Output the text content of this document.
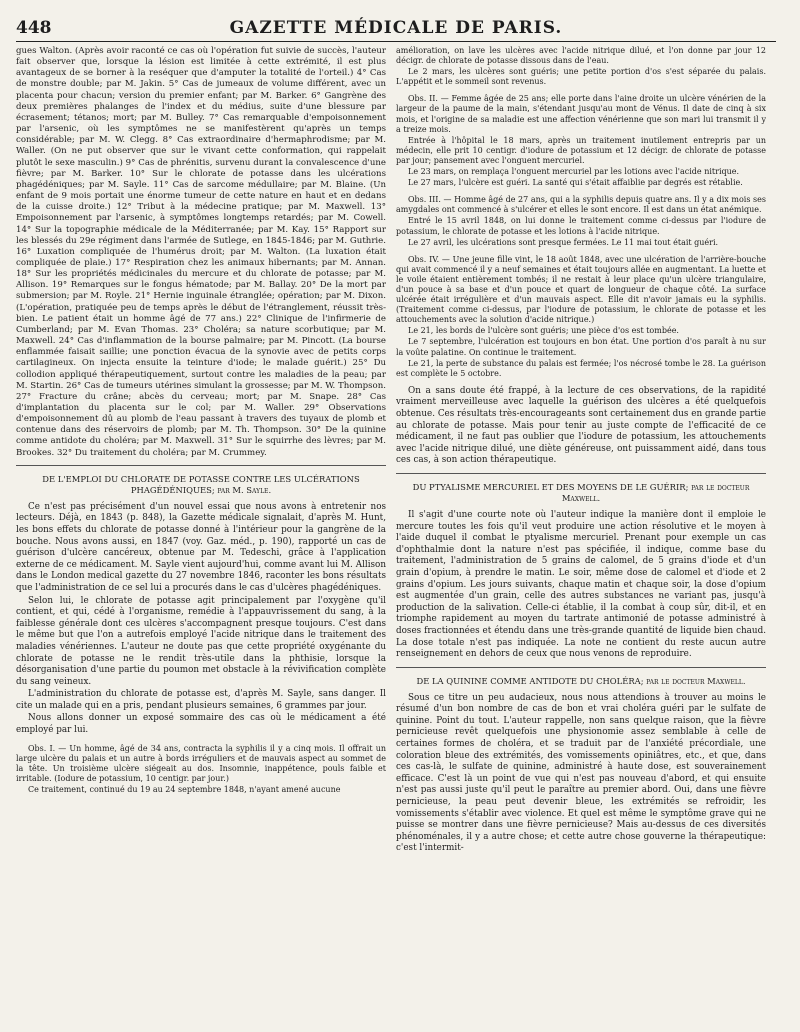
448	GAZETTE MÉDICALE DE PARIS.

gues Walton. (Après avoir raconté ce cas où l'opération fut suivie de succès, l'auteur fait observer que, lorsque la lésion est limitée à cette extrémité, il est plus avantageux de se borner à la reséquer que d'amputer la totalité de l'orteil.) 4° Cas de monstre double; par M. Jakin. 5° Cas de jumeaux de volume différent, avec un placenta pour chacun; version du premier enfant; par M. Barker. 6° Gangrène des deux premières phalanges de l'index et du médius, suite d'une blessure par écrasement; tétanos; mort; par M. Bulley. 7° Cas remarquable d'empoisonnement par l'arsenic, où les symptômes ne se manifestèrent qu'après un temps considérable; par M. W. Clegg. 8° Cas extraordinaire d'hermaphrodisme; par M. Waller. (On ne put observer que sur le vivant cette conformation, qui rappelait plutôt le sexe masculin.) 9° Cas de phrénitis, survenu durant la convalescence d'une fièvre; par M. Barker. 10° Sur le chlorate de potasse dans les ulcérations phagédéniques; par M. Sayle. 11° Cas de sarcome médullaire; par M. Blaine. (Un enfant de 9 mois portait une énorme tumeur de cette nature en haut et en dedans de la cuisse droite.) 12° Tribut à la médecine pratique; par M. Maxwell. 13° Empoisonnement par l'arsenic, à symptômes longtemps retardés; par M. Cowell. 14° Sur la topographie médicale de la Méditerranée; par M. Kay. 15° Rapport sur les blessés du 29e régiment dans l'armée de Sutlege, en 1845-1846; par M. Guthrie. 16° Luxation compliquée de l'humérus droit; par M. Walton. (La luxation était compliquée de plaie.) 17° Respiration chez les animaux hibernants; par M. Annan. 18° Sur les propriétés médicinales du mercure et du chlorate de potasse; par M. Allison. 19° Remarques sur le fongus hématode; par M. Ballay. 20° De la mort par submersion; par M. Royle. 21° Hernie inguinale étranglée; opération; par M. Dixon. (L'opération, pratiquée peu de temps après le début de l'étranglement, réussit très-bien. Le patient était un homme âgé de 77 ans.) 22° Clinique de l'infirmerie de Cumberland; par M. Evan Thomas. 23° Choléra; sa nature scorbutique; par M. Maxwell. 24° Cas d'inflammation de la bourse palmaire; par M. Pincott. (La bourse enflammée faisait saillie; une ponction évacua de la synovie avec de petits corps cartilagineux. On injecta ensuite la teinture d'iode; le malade guérit.) 25° Du collodion appliqué thérapeutiquement, surtout contre les maladies de la peau; par M. Startin. 26° Cas de tumeurs utérines simulant la grossesse; par M. W. Thompson. 27° Fracture du crâne; abcès du cerveau; mort; par M. Snape. 28° Cas d'implantation du placenta sur le col; par M. Waller. 29° Observations d'empoisonnement dû au plomb de l'eau passant à travers des tuyaux de plomb et contenue dans des réservoirs de plomb; par M. Th. Thompson. 30° De la quinine comme antidote du choléra; par M. Maxwell. 31° Sur le squirrhe des lèvres; par M. Brookes. 32° Du traitement du choléra; par M. Crummey.

DE L'EMPLOI DU CHLORATE DE POTASSE CONTRE LES ULCÉRATIONS PHAGÉDÉNIQUES; par M. Sayle.

Ce n'est pas précisément d'un nouvel essai que nous avons à entretenir nos lecteurs. Déjà, en 1843 (p. 848), la Gazette médicale signalait, d'après M. Hunt, les bons effets du chlorate de potasse donné à l'intérieur pour la gangrène de la bouche. Nous avons aussi, en 1847 (voy. Gaz. méd., p. 190), rapporté un cas de guérison d'ulcère cancéreux, obtenue par M. Tedeschi, grâce à l'application externe de ce médicament. M. Sayle vient aujourd'hui, comme avant lui M. Allison dans le London medical gazette du 27 novembre 1846, raconter les bons résultats que l'administration de ce sel lui a procurés dans le cas d'ulcères phagédéniques.

Selon lui, le chlorate de potasse agit principalement par l'oxygène qu'il contient, et qui, cédé à l'organisme, remédie à l'appauvrissement du sang, à la faiblesse générale dont ces ulcères s'accompagnent presque toujours. C'est dans le même but que l'on a autrefois employé l'acide nitrique dans le traitement des maladies vénériennes. L'auteur ne doute pas que cette propriété oxygénante du chlorate de potasse ne le rendit très-utile dans la phthisie, lorsque la désorganisation d'une partie du poumon met obstacle à la révivification complète du sang veineux.

L'administration du chlorate de potasse est, d'après M. Sayle, sans danger. Il cite un malade qui en a pris, pendant plusieurs semaines, 6 grammes par jour.

Nous allons donner un exposé sommaire des cas où le médicament a été employé par lui.

Obs. I. — Un homme, âgé de 34 ans, contracta la syphilis il y a cinq mois. Il offrait un large ulcère du palais et un autre à bords irréguliers et de mauvais aspect au sommet de la tête. Un troisième ulcère siégeait au dos. Insomnie, inappétence, pouls faible et irritable. (Iodure de potassium, 10 centigr. par jour.)

Ce traitement, continué du 19 au 24 septembre 1848, n'ayant amené aucune

amélioration, on lave les ulcères avec l'acide nitrique dilué, et l'on donne par jour 12 décigr. de chlorate de potasse dissous dans de l'eau.

Le 2 mars, les ulcères sont guéris; une petite portion d'os s'est séparée du palais. L'appétit et le sommeil sont revenus.

Obs. II. — Femme âgée de 25 ans; elle porte dans l'aine droite un ulcère vénérien de la largeur de la paume de la main, s'étendant jusqu'au mont de Vénus. Il date de cinq à six mois, et l'origine de sa maladie est une affection vénérienne que son mari lui transmit il y a treize mois.

Entrée à l'hôpital le 18 mars, après un traitement inutilement entrepris par un médecin, elle prit 10 centigr. d'iodure de potassium et 12 décigr. de chlorate de potasse par jour; pansement avec l'onguent mercuriel.

Le 23 mars, on remplaça l'onguent mercuriel par les lotions avec l'acide nitrique.

Le 27 mars, l'ulcère est guéri. La santé qui s'était affaiblie par degrés est rétablie.

Obs. III. — Homme âgé de 27 ans, qui a la syphilis depuis quatre ans. Il y a dix mois ses amygdales ont commencé à s'ulcérer et elles le sont encore. Il est dans un état anémique.

Entré le 15 avril 1848, on lui donne le traitement comme ci-dessus par l'iodure de potassium, le chlorate de potasse et les lotions à l'acide nitrique.

Le 27 avril, les ulcérations sont presque fermées. Le 11 mai tout était guéri.

Obs. IV. — Une jeune fille vint, le 18 août 1848, avec une ulcération de l'arrière-bouche qui avait commencé il y a neuf semaines et était toujours allée en augmentant. La luette et le voile étaient entièrement tombés; il ne restait à leur place qu'un ulcère triangulaire, d'un pouce à sa base et d'un pouce et quart de longueur de chaque côté. La surface ulcérée était irrégulière et d'un mauvais aspect. Elle dit n'avoir jamais eu la syphilis. (Traitement comme ci-dessus, par l'iodure de potassium, le chlorate de potasse et les attouchements avec la solution d'acide nitrique.)

Le 21, les bords de l'ulcère sont guéris; une pièce d'os est tombée.

Le 7 septembre, l'ulcération est toujours en bon état. Une portion d'os paraît à nu sur la voûte palatine. On continue le traitement.

Le 21, la perte de substance du palais est fermée; l'os nécrosé tombe le 28. La guérison est complète le 5 octobre.

On a sans doute été frappé, à la lecture de ces observations, de la rapidité vraiment merveilleuse avec laquelle la guérison des ulcères a été quelquefois obtenue. Ces résultats très-encourageants sont certainement dus en grande partie au chlorate de potasse. Mais pour tenir au juste compte de l'efficacité de ce médicament, il ne faut pas oublier que l'iodure de potassium, les attouchements avec l'acide nitrique dilué, une diète généreuse, ont puissamment aidé, dans tous ces cas, à son action thérapeutique.

DU PTYALISME MERCURIEL ET DES MOYENS DE LE GUÉRIR; par le docteur Maxwell.

Il s'agit d'une courte note où l'auteur indique la manière dont il emploie le mercure toutes les fois qu'il veut produire une action résolutive et le moyen à l'aide duquel il combat le ptyalisme mercuriel. Prenant pour exemple un cas d'ophthalmie dont la nature n'est pas spécifiée, il indique, comme base du traitement, l'administration de 5 grains de calomel, de 5 grains d'iode et d'un grain d'opium, à prendre le matin. Le soir, même dose de calomel et d'iode et 2 grains d'opium. Les jours suivants, chaque matin et chaque soir, la dose d'opium est augmentée d'un grain, celle des autres substances ne variant pas, jusqu'à production de la salivation. Celle-ci établie, il la combat à coup sûr, dit-il, et en triomphe rapidement au moyen du tartrate antimonié de potasse administré à doses fractionnées et étendu dans une très-grande quantité de liquide bien chaud. La dose totale n'est pas indiquée. La note ne contient du reste aucun autre renseignement en dehors de ceux que nous venons de reproduire.

DE LA QUININE COMME ANTIDOTE DU CHOLÉRA; par le docteur Maxwell.

Sous ce titre un peu audacieux, nous nous attendions à trouver au moins le résumé d'un bon nombre de cas de bon et vrai choléra guéri par le sulfate de quinine. Point du tout. L'auteur rappelle, non sans quelque raison, que la fièvre pernicieuse revêt quelquefois une physionomie assez semblable à celle de certaines formes de choléra, et se traduit par de l'anxiété précordiale, une coloration bleue des extrémités, des vomissements opiniâtres, etc., et que, dans ces cas-là, le sulfate de quinine, administré à haute dose, est souverainement efficace. C'est là un point de vue qui n'est pas nouveau d'abord, et qui ensuite n'est pas aussi juste qu'il peut le paraître au premier abord. Oui, dans une fièvre pernicieuse, la peau peut devenir bleue, les extrémités se refroidir, les vomissements s'établir avec violence. Et quel est même le symptôme grave qui ne puisse se montrer dans une fièvre pernicieuse? Mais au-dessus de ces diversités phénoménales, il y a autre chose; et cette autre chose gouverne la thérapeutique: c'est l'intermit-
